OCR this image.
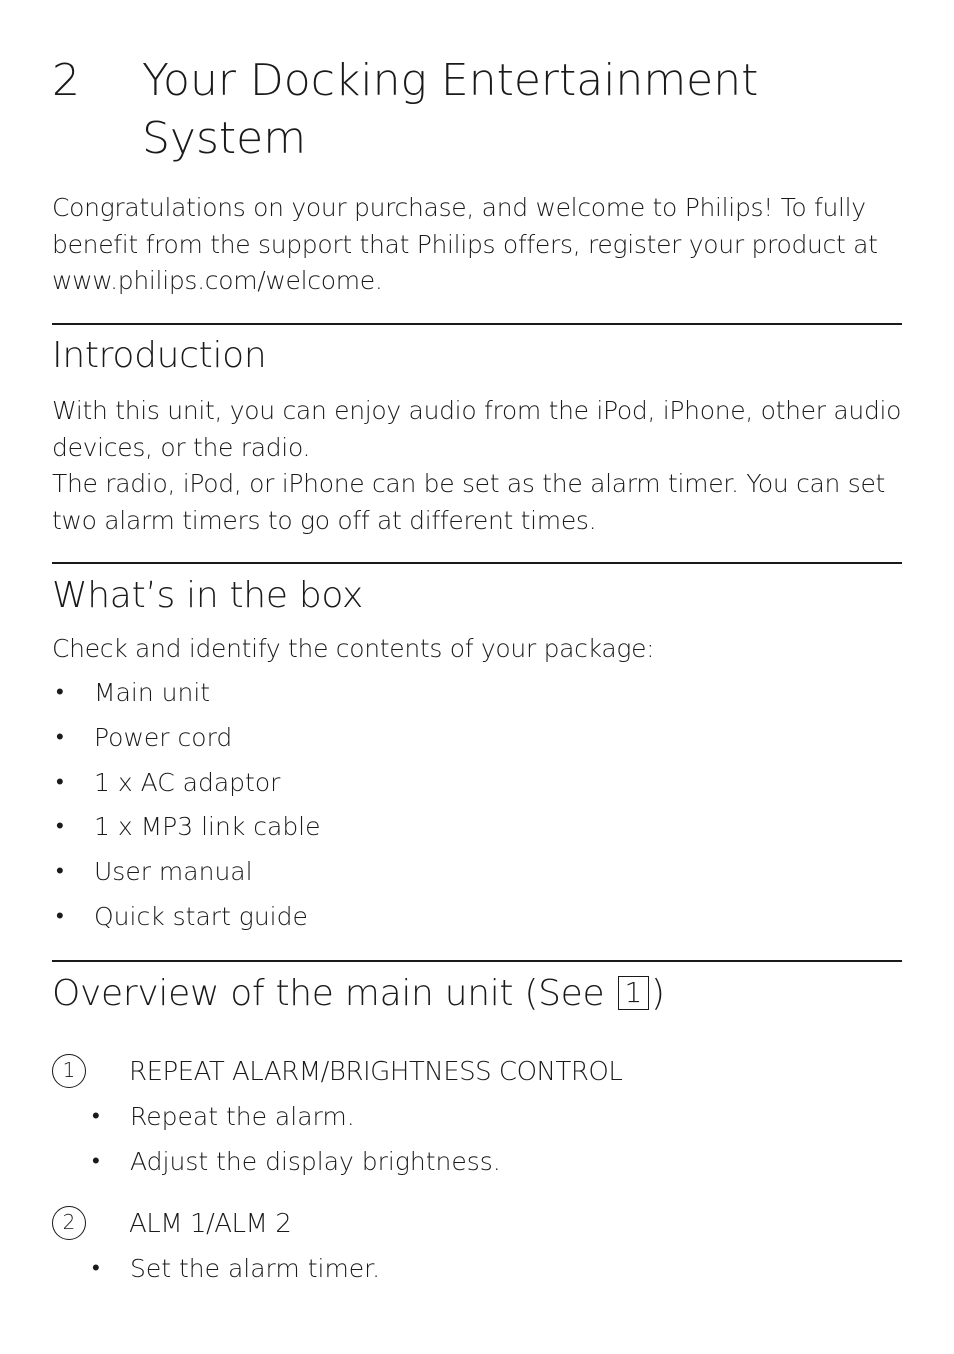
2 Your Docking Entertainment System

Congratulations on your purchase, and welcome to Philips! To fully benefit from the support that Philips offers, register your product at www.philips.com/welcome.

Introduction

With this unit, you can enjoy audio from the iPod, iPhone, other audio devices, or the radio.

The radio, iPod, or iPhone can be set as the alarm timer. You can set two alarm timers to go off at different times.

What’s in the box

Check and identify the contents of your package:

• Main unit
• Power cord
• 1 x AC adaptor
• 1 x MP3 link cable
• User manual
• Quick start guide
Overview of the main unit (See 1 )
1	REPEAT ALARM/BRIGHTNESS CONTROL
• Repeat the alarm.
• Adjust the display brightness.
2	ALM 1/ALM 2
• Set the alarm timer.
